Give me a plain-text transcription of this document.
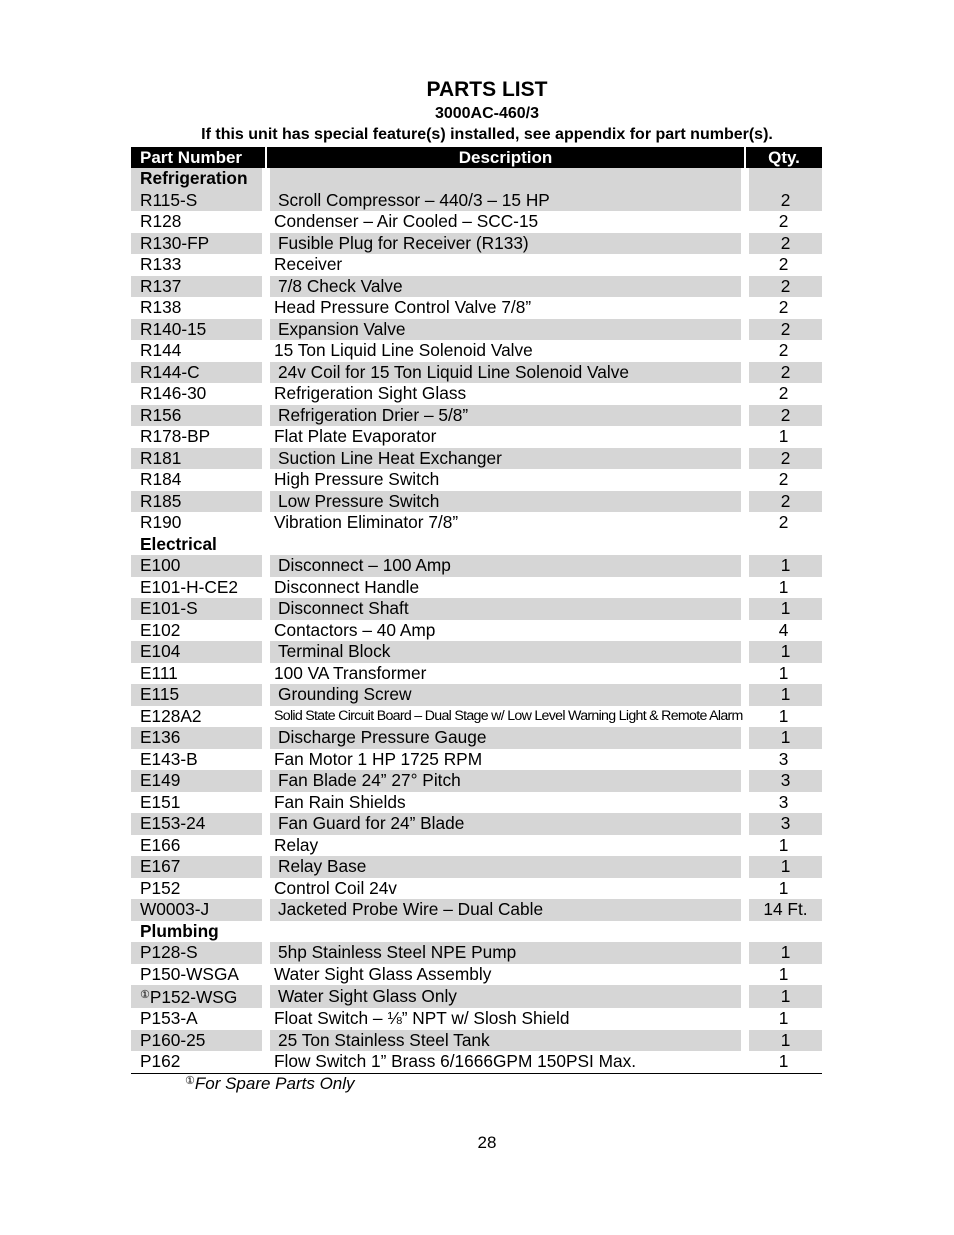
PARTS LIST
3000AC-460/3
If this unit has special feature(s) installed, see appendix for part number(s).
Part Number	Description	Qty.
Refrigeration		
R115-S	Scroll Compressor – 440/3 – 15 HP	2
R128	Condenser – Air Cooled – SCC-15	2
R130-FP	Fusible Plug for Receiver (R133)	2
R133	Receiver	2
R137	7/8 Check Valve	2
R138	Head Pressure Control Valve 7/8”	2
R140-15	Expansion Valve	2
R144	15 Ton Liquid Line Solenoid Valve	2
R144-C	24v Coil for 15 Ton Liquid Line Solenoid Valve	2
R146-30	Refrigeration Sight Glass	2
R156	Refrigeration Drier – 5/8”	2
R178-BP	Flat Plate Evaporator	1
R181	Suction Line Heat Exchanger	2
R184	High Pressure Switch	2
R185	Low Pressure Switch	2
R190	Vibration Eliminator 7/8”	2
Electrical		
E100	Disconnect – 100 Amp	1
E101-H-CE2	Disconnect Handle	1
E101-S	Disconnect Shaft	1
E102	Contactors – 40 Amp	4
E104	Terminal Block	1
E111	100 VA Transformer	1
E115	Grounding Screw	1
E128A2	Solid State Circuit Board – Dual Stage w/ Low Level Warning Light & Remote Alarm	1
E136	Discharge Pressure Gauge	1
E143-B	Fan Motor 1 HP 1725 RPM	3
E149	Fan Blade 24” 27° Pitch	3
E151	Fan Rain Shields	3
E153-24	Fan Guard for 24” Blade	3
E166	Relay	1
E167	Relay Base	1
P152	Control Coil 24v	1
W0003-J	Jacketed Probe Wire – Dual Cable	14 Ft.
Plumbing		
P128-S	5hp Stainless Steel NPE Pump	1
P150-WSGA	Water Sight Glass Assembly	1
①P152-WSG	Water Sight Glass Only	1
P153-A	Float Switch – ⅛” NPT w/ Slosh Shield	1
P160-25	25 Ton Stainless Steel Tank	1
P162	Flow Switch 1” Brass 6/1666GPM 150PSI Max.	1
①For Spare Parts Only
28
